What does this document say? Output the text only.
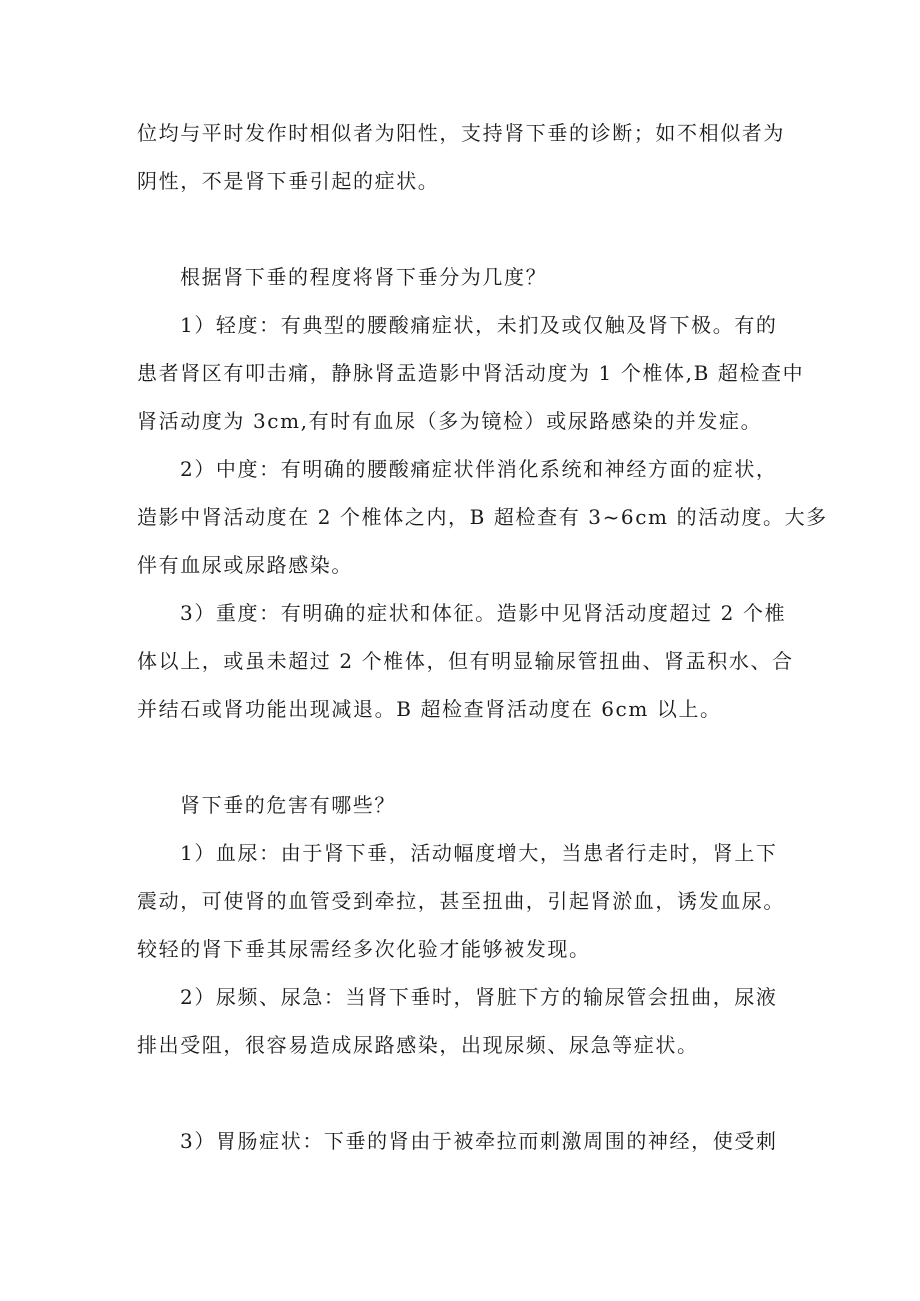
位均与平时发作时相似者为阳性，支持肾下垂的诊断；如不相似者为
阴性，不是肾下垂引起的症状。
根据肾下垂的程度将肾下垂分为几度？
1）轻度：有典型的腰酸痛症状，未扪及或仅触及肾下极。有的
患者肾区有叩击痛，静脉肾盂造影中肾活动度为 1 个椎体,B 超检查中
肾活动度为 3cm,有时有血尿（多为镜检）或尿路感染的并发症。
2）中度：有明确的腰酸痛症状伴消化系统和神经方面的症状，
造影中肾活动度在 2 个椎体之内，B 超检查有 3~6cm 的活动度。大多
伴有血尿或尿路感染。
3）重度：有明确的症状和体征。造影中见肾活动度超过 2 个椎
体以上，或虽未超过 2 个椎体，但有明显输尿管扭曲、肾盂积水、合
并结石或肾功能出现减退。B 超检查肾活动度在 6cm 以上。
肾下垂的危害有哪些？
1）血尿：由于肾下垂，活动幅度增大，当患者行走时，肾上下
震动，可使肾的血管受到牵拉，甚至扭曲，引起肾淤血，诱发血尿。
较轻的肾下垂其尿需经多次化验才能够被发现。
2）尿频、尿急：当肾下垂时，肾脏下方的输尿管会扭曲，尿液
排出受阻，很容易造成尿路感染，出现尿频、尿急等症状。
3）胃肠症状：下垂的肾由于被牵拉而刺激周围的神经，使受刺
